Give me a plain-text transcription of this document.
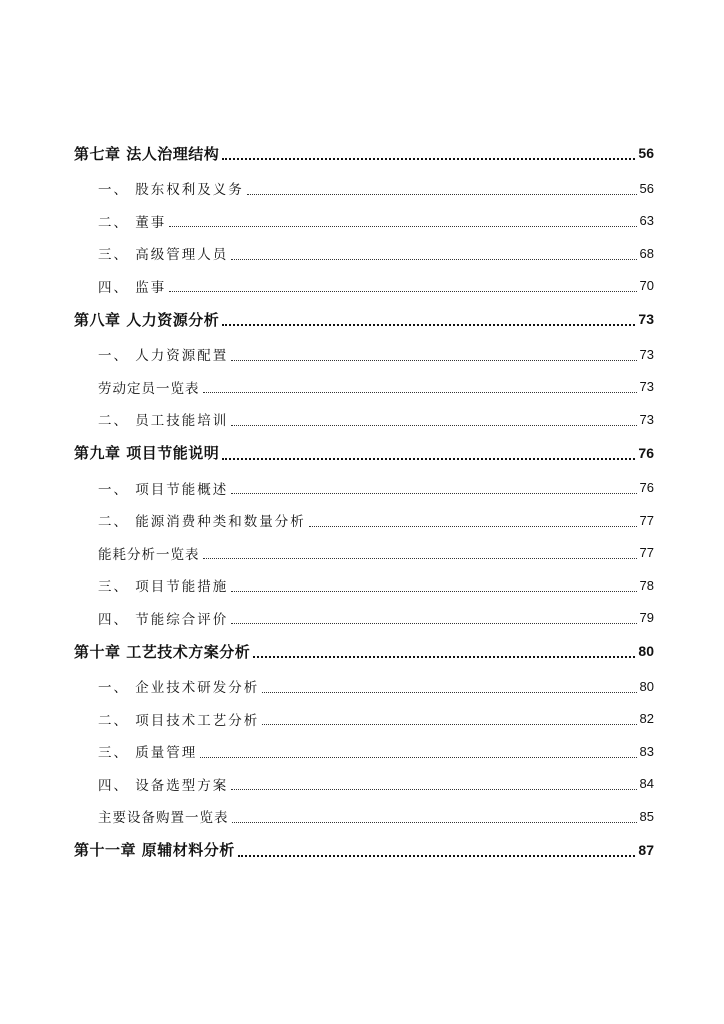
第七章 法人治理结构	56
一、 股东权利及义务	56
二、 董事	63
三、 高级管理人员	68
四、 监事	70
第八章 人力资源分析	73
一、 人力资源配置	73
劳动定员一览表	73
二、 员工技能培训	73
第九章 项目节能说明	76
一、 项目节能概述	76
二、 能源消费种类和数量分析	77
能耗分析一览表	77
三、 项目节能措施	78
四、 节能综合评价	79
第十章 工艺技术方案分析	80
一、 企业技术研发分析	80
二、 项目技术工艺分析	82
三、 质量管理	83
四、 设备选型方案	84
主要设备购置一览表	85
第十一章 原辅材料分析	87
